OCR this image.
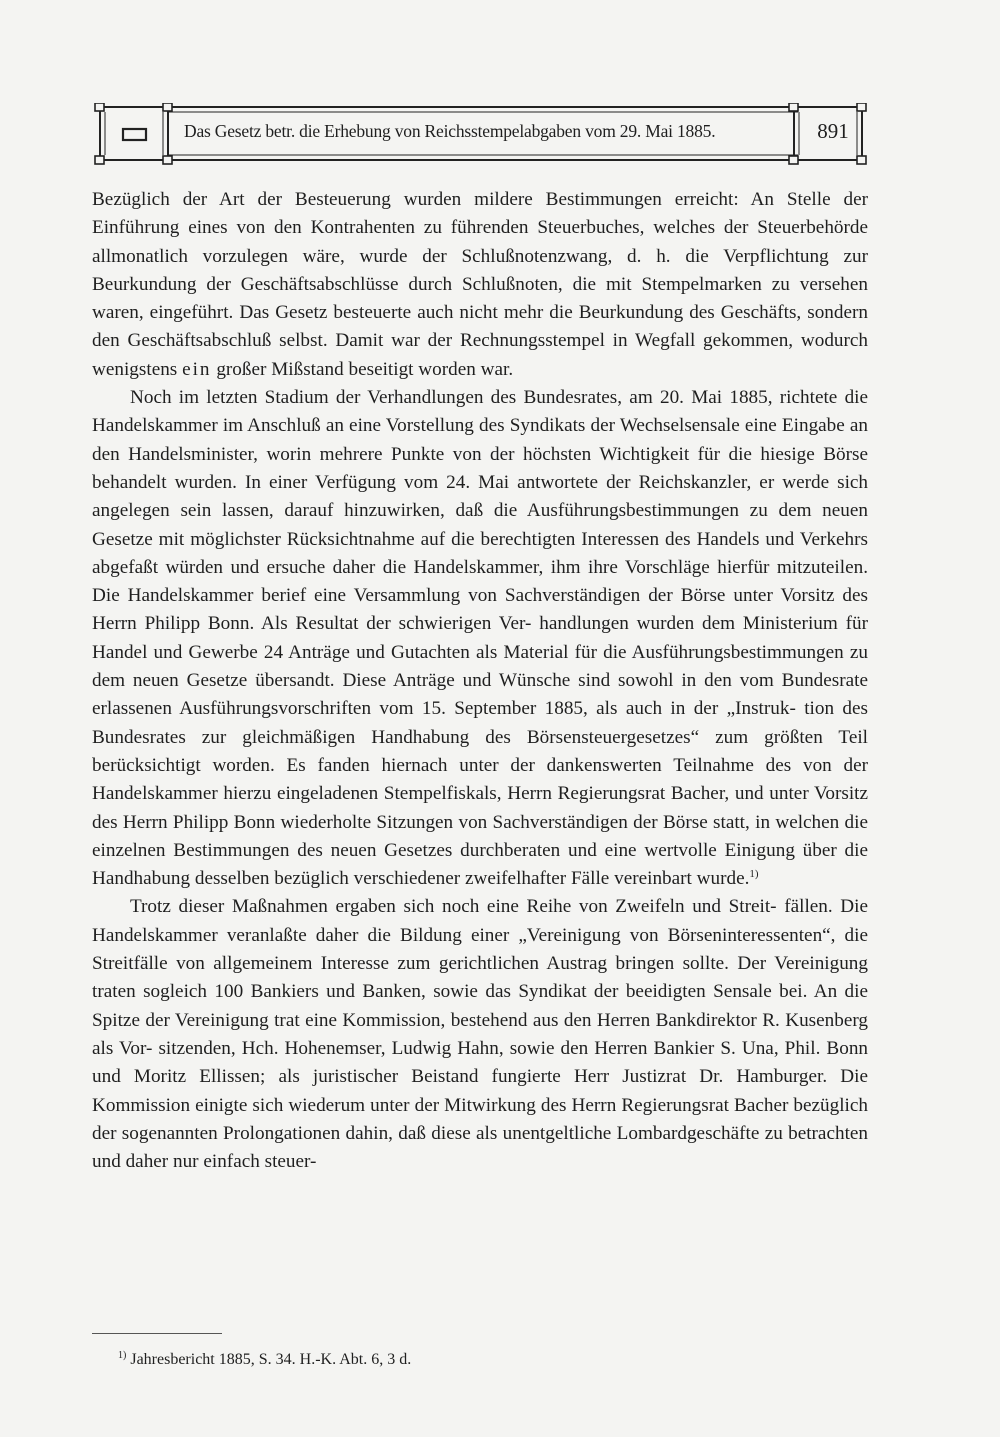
Das Gesetz betr. die Erhebung von Reichsstempelabgaben vom 29. Mai 1885.	891

Bezüglich der Art der Besteuerung wurden mildere Bestimmungen erreicht: An Stelle der Einführung eines von den Kontrahenten zu führenden Steuerbuches, welches der Steuerbehörde allmonatlich vorzulegen wäre, wurde der Schlußnotenzwang, d. h. die Verpflichtung zur Beurkundung der Geschäftsabschlüsse durch Schlußnoten, die mit Stempelmarken zu versehen waren, eingeführt. Das Gesetz besteuerte auch nicht mehr die Beurkundung des Geschäfts, sondern den Geschäftsabschluß selbst. Damit war der Rechnungsstempel in Wegfall gekommen, wodurch wenigstens ein großer Mißstand beseitigt worden war.

Noch im letzten Stadium der Verhandlungen des Bundesrates, am 20. Mai 1885, richtete die Handelskammer im Anschluß an eine Vorstellung des Syndikats der Wechselsensale eine Eingabe an den Handelsminister, worin mehrere Punkte von der höchsten Wichtigkeit für die hiesige Börse behandelt wurden. In einer Verfügung vom 24. Mai antwortete der Reichskanzler, er werde sich angelegen sein lassen, darauf hinzuwirken, daß die Ausführungsbestimmungen zu dem neuen Gesetze mit möglichster Rücksichtnahme auf die berechtigten Interessen des Handels und Verkehrs abgefaßt würden und ersuche daher die Handelskammer, ihm ihre Vorschläge hierfür mitzuteilen. Die Handelskammer berief eine Versammlung von Sachverständigen der Börse unter Vorsitz des Herrn Philipp Bonn. Als Resultat der schwierigen Ver- handlungen wurden dem Ministerium für Handel und Gewerbe 24 Anträge und Gutachten als Material für die Ausführungsbestimmungen zu dem neuen Gesetze übersandt. Diese Anträge und Wünsche sind sowohl in den vom Bundesrate erlassenen Ausführungsvorschriften vom 15. September 1885, als auch in der „Instruk- tion des Bundesrates zur gleichmäßigen Handhabung des Börsensteuergesetzes“ zum größten Teil berücksichtigt worden. Es fanden hiernach unter der dankenswerten Teilnahme des von der Handelskammer hierzu eingeladenen Stempelfiskals, Herrn Regierungsrat Bacher, und unter Vorsitz des Herrn Philipp Bonn wiederholte Sitzungen von Sachverständigen der Börse statt, in welchen die einzelnen Bestimmungen des neuen Gesetzes durchberaten und eine wertvolle Einigung über die Handhabung desselben bezüglich verschiedener zweifelhafter Fälle vereinbart wurde.$^{1)}$

Trotz dieser Maßnahmen ergaben sich noch eine Reihe von Zweifeln und Streit- fällen. Die Handelskammer veranlaßte daher die Bildung einer „Vereinigung von Börseninteressenten“, die Streitfälle von allgemeinem Interesse zum gerichtlichen Austrag bringen sollte. Der Vereinigung traten sogleich 100 Bankiers und Banken, sowie das Syndikat der beeidigten Sensale bei. An die Spitze der Vereinigung trat eine Kommission, bestehend aus den Herren Bankdirektor R. Kusenberg als Vor- sitzenden, Hch. Hohenemser, Ludwig Hahn, sowie den Herren Bankier S. Una, Phil. Bonn und Moritz Ellissen; als juristischer Beistand fungierte Herr Justizrat Dr. Hamburger. Die Kommission einigte sich wiederum unter der Mitwirkung des Herrn Regierungsrat Bacher bezüglich der sogenannten Prolongationen dahin, daß diese als unentgeltliche Lombardgeschäfte zu betrachten und daher nur einfach steuer-

$^{1)}$ Jahresbericht 1885, S. 34. H.-K. Abt. 6, 3 d.
